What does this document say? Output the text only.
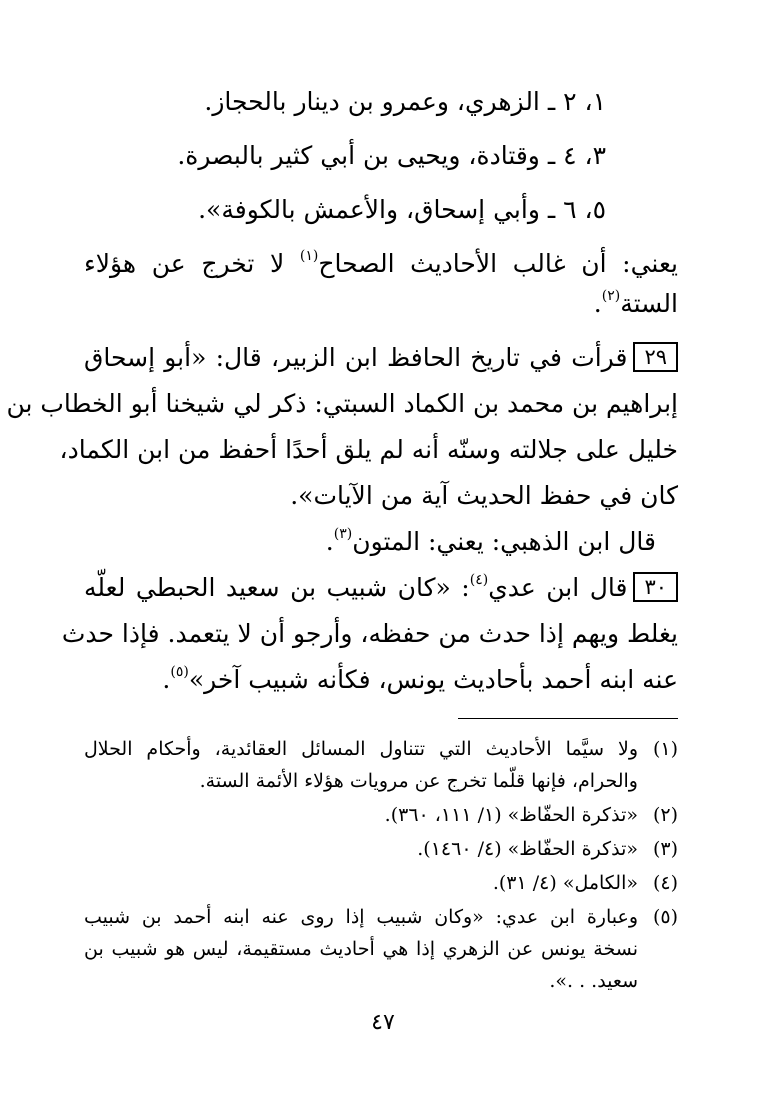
١، ٢ ـ الزهري، وعمرو بن دينار بالحجاز.
٣، ٤ ـ وقتادة، ويحيى بن أبي كثير بالبصرة.
٥، ٦ ـ وأبي إسحاق، والأعمش بالكوفة».
يعني: أن غالب الأحاديث الصحاح$^{(١)}$ لا تخرج عن هؤلاء
الستة$^{(٢)}$.
٢٩قرأت في تاريخ الحافظ ابن الزبير، قال: «أبو إسحاق
إبراهيم بن محمد بن الكماد السبتي: ذكر لي شيخنا أبو الخطاب بن
خليل على جلالته وسنّه أنه لم يلق أحدًا أحفظ من ابن الكماد،
كان في حفظ الحديث آية من الآيات».
قال ابن الذهبي: يعني: المتون$^{(٣)}$.
٣٠قال ابن عدي$^{(٤)}$: «كان شبيب بن سعيد الحبطي لعلّه
يغلط ويهم إذا حدث من حفظه، وأرجو أن لا يتعمد. فإذا حدث
عنه ابنه أحمد بأحاديث يونس، فكأنه شبيب آخر»$^{(٥)}$.
(١)
ولا سيَّما الأحاديث التي تتناول المسائل العقائدية، وأحكام الحلال
والحرام، فإنها قلّما تخرج عن مرويات هؤلاء الأئمة الستة.
(٢)
«تذكرة الحفّاظ» (١/ ١١١، ٣٦٠).
(٣)
«تذكرة الحفّاظ» (٤/ ١٤٦٠).
(٤)
«الكامل» (٤/ ٣١).
(٥)
وعبارة ابن عدي: «وكان شبيب إذا روى عنه ابنه أحمد بن شبيب
نسخة يونس عن الزهري إذا هي أحاديث مستقيمة، ليس هو شبيب بن
سعيد. . .».
٤٧
